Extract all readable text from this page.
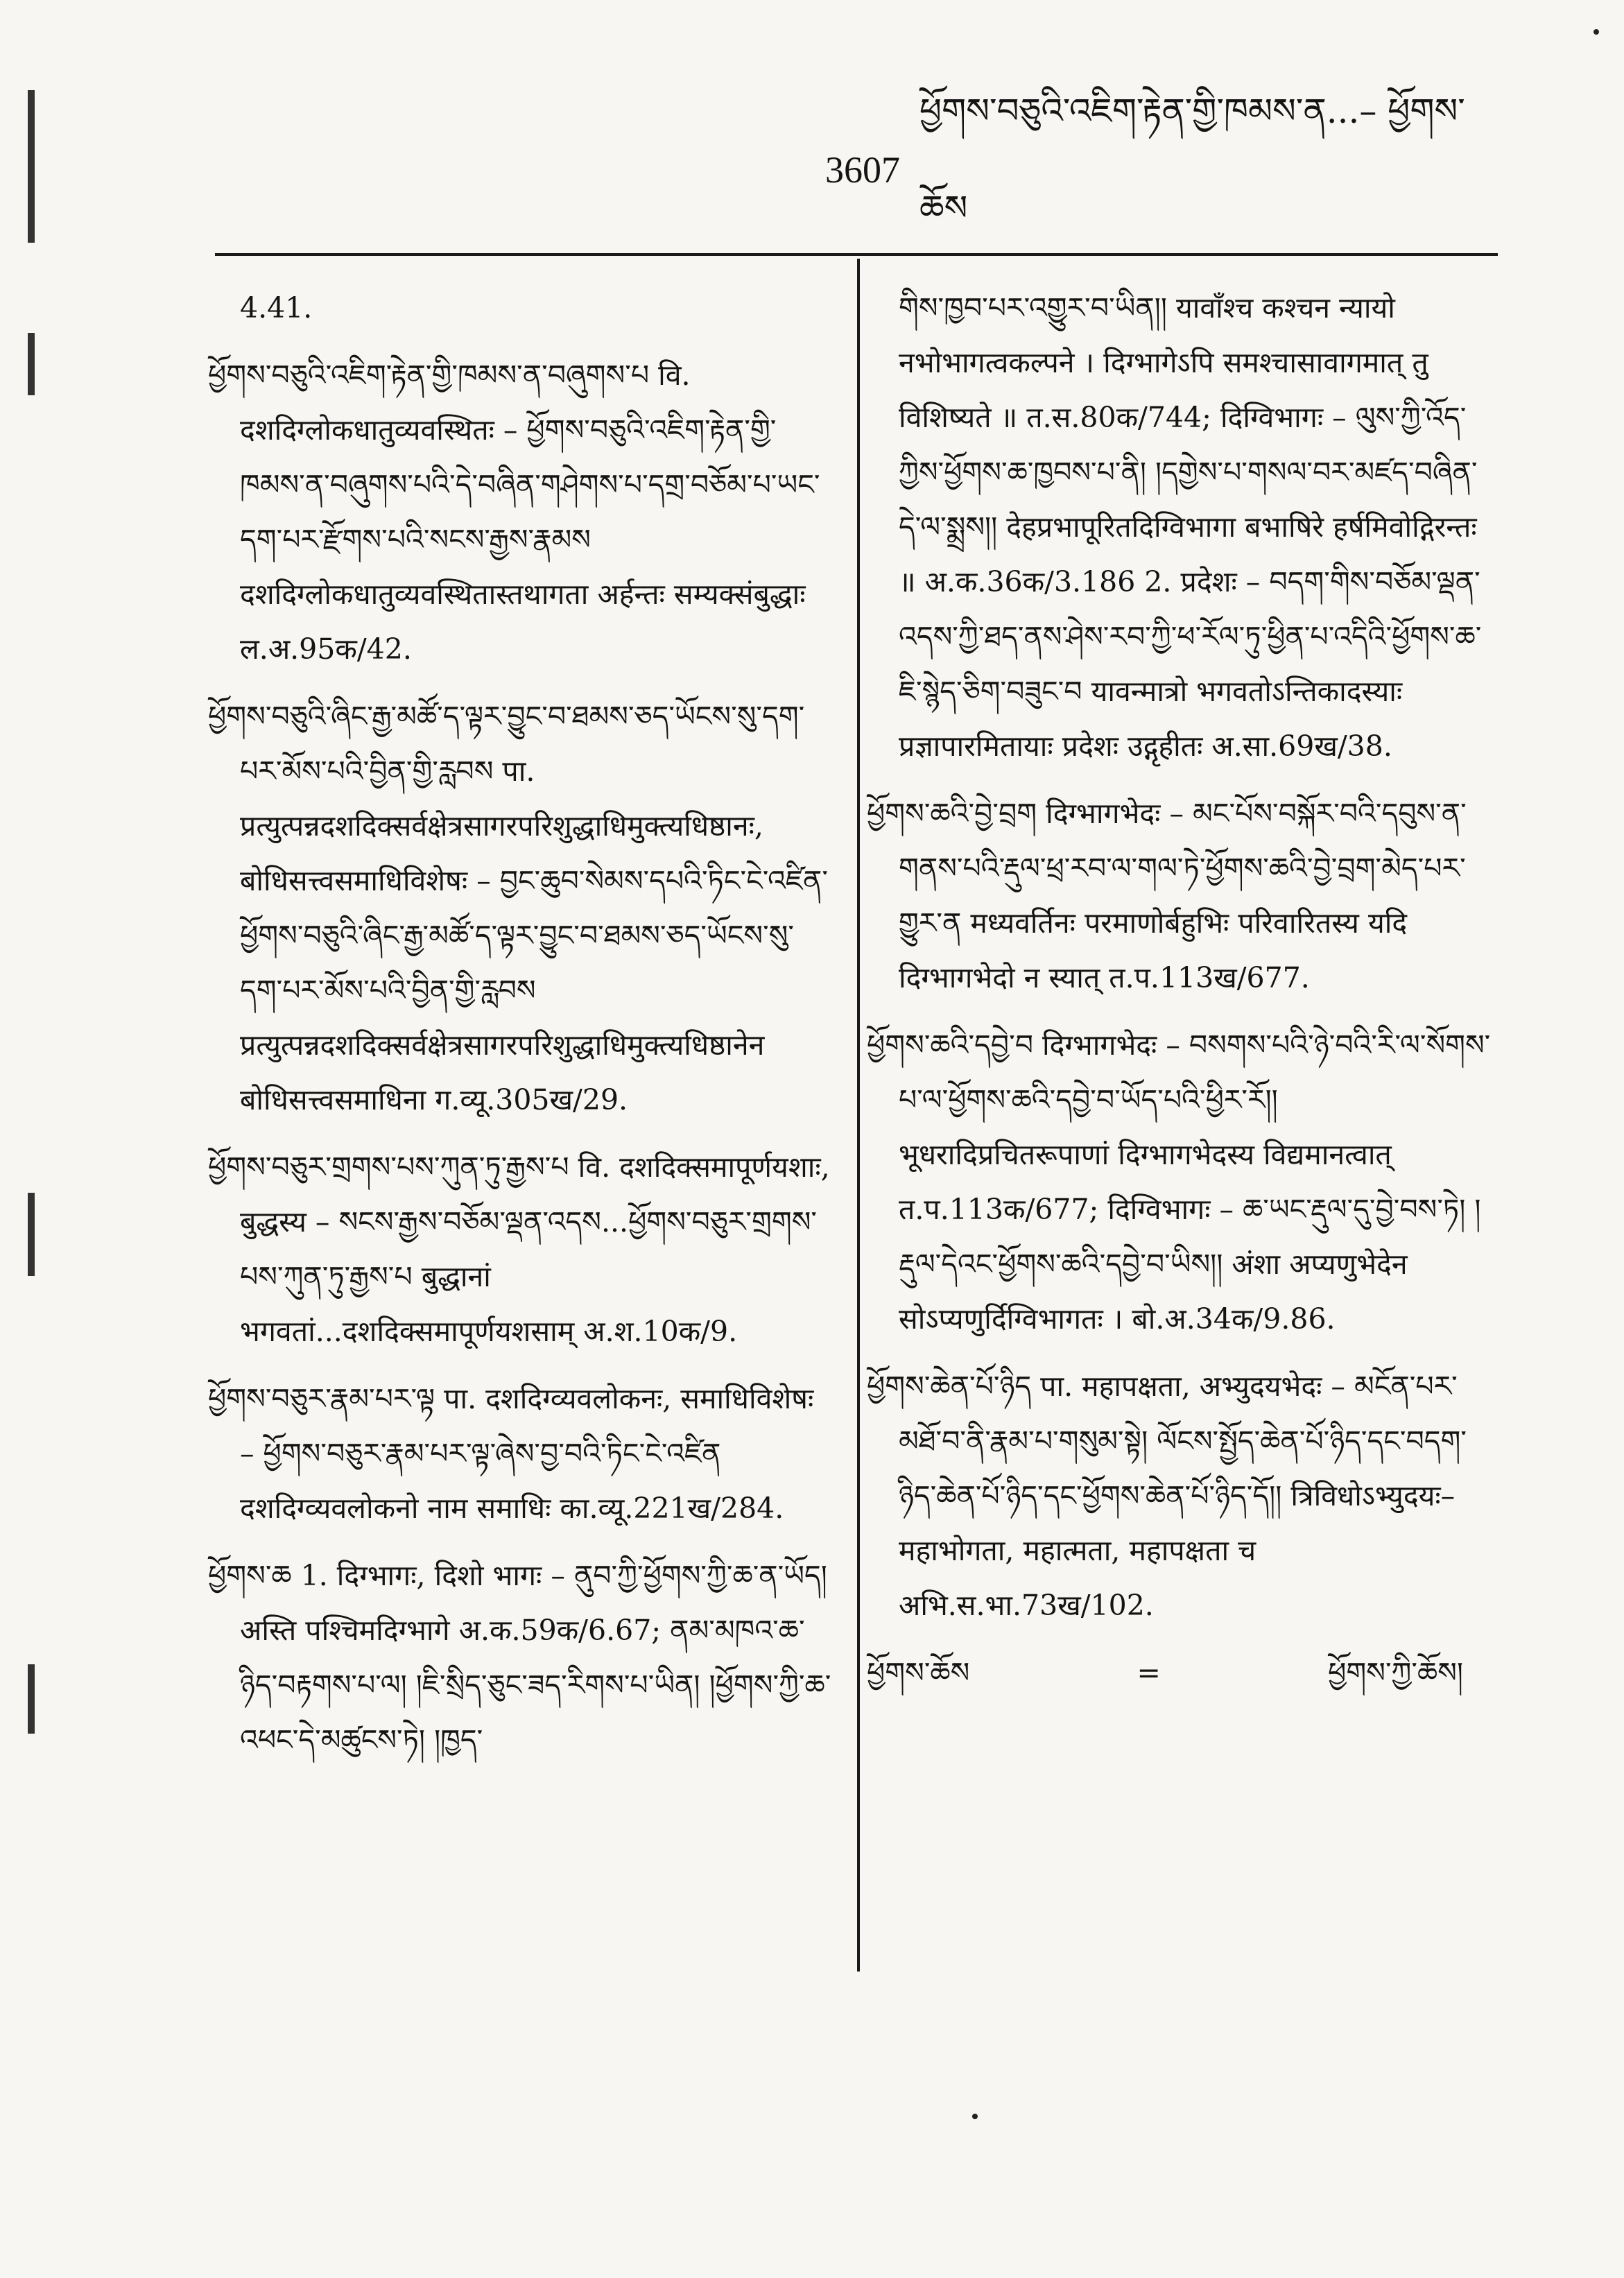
3607
ཕྱོགས་བཅུའི་འཇིག་རྟེན་གྱི་ཁམས་ན...– ཕྱོགས་ཆོས

4.41.

ཕྱོགས་བཅུའི་འཇིག་རྟེན་གྱི་ཁམས་ན་བཞུགས་པ वि. दशदिग्लोकधातुव्यवस्थितः – ཕྱོགས་བཅུའི་འཇིག་རྟེན་གྱི་ཁམས་ན་བཞུགས་པའི་དེ་བཞིན་གཤེགས་པ་དགྲ་བཅོམ་པ་ཡང་དག་པར་རྫོགས་པའི་སངས་རྒྱས་རྣམས दशदिग्लोकधातुव्यवस्थितास्तथागता अर्हन्तः सम्यक्संबुद्धाः ल.अ.95क/42.

ཕྱོགས་བཅུའི་ཞིང་རྒྱ་མཚོ་ད་ལྟར་བྱུང་བ་ཐམས་ཅད་ཡོངས་སུ་དག་པར་མོས་པའི་བྱིན་གྱི་རླབས पा. प्रत्युत्पन्नदशदिक्सर्वक्षेत्रसागरपरिशुद्धाधिमुक्त्यधिष्ठानः, बोधिसत्त्वसमाधिविशेषः – བྱང་ཆུབ་སེམས་དཔའི་ཏིང་ངེ་འཛིན་ཕྱོགས་བཅུའི་ཞིང་རྒྱ་མཚོ་ད་ལྟར་བྱུང་བ་ཐམས་ཅད་ཡོངས་སུ་དག་པར་མོས་པའི་བྱིན་གྱི་རླབས प्रत्युत्पन्नदशदिक्सर्वक्षेत्रसागरपरिशुद्धाधिमुक्त्यधिष्ठानेन बोधिसत्त्वसमाधिना ग.व्यू.305ख/29.

ཕྱོགས་བཅུར་གྲགས་པས་ཀུན་ཏུ་རྒྱས་པ वि. दशदिक्समापूर्णयशाः, बुद्धस्य – སངས་རྒྱས་བཅོམ་ལྡན་འདས...ཕྱོགས་བཅུར་གྲགས་པས་ཀུན་ཏུ་རྒྱས་པ बुद्धानां भगवतां...दशदिक्समापूर्णयशसाम् अ.श.10क/9.

ཕྱོགས་བཅུར་རྣམ་པར་ལྟ पा. दशदिग्व्यवलोकनः, समाधिविशेषः – ཕྱོགས་བཅུར་རྣམ་པར་ལྟ་ཞེས་བྱ་བའི་ཏིང་ངེ་འཛིན दशदिग्व्यवलोकनो नाम समाधिः का.व्यू.221ख/284.

ཕྱོགས་ཆ 1. दिग्भागः, दिशो भागः – ནུབ་ཀྱི་ཕྱོགས་ཀྱི་ཆ་ན་ཡོད། अस्ति पश्चिमदिग्भागे अ.क.59क/6.67; ནམ་མཁའ་ཆ་ཉིད་བརྟགས་པ་ལ། །ཇི་སྲིད་ཅུང་ཟད་རིགས་པ་ཡིན། །ཕྱོགས་ཀྱི་ཆ་འཕང་དེ་མཚུངས་ཏེ། །ཁྱད་

གིས་ཁྱབ་པར་འགྱུར་བ་ཡིན།། यावाँश्च कश्चन न्यायो नभोभागत्वकल्पने । दिग्भागेऽपि समश्चासावागमात् तु विशिष्यते ॥ त.स.80क/744; दिग्विभागः – ལུས་ཀྱི་འོད་ཀྱིས་ཕྱོགས་ཆ་ཁྱབས་པ་ནི། །དགྱེས་པ་གསལ་བར་མཛད་བཞིན་དེ་ལ་སྨྲས།། देहप्रभापूरितदिग्विभागा बभाषिरे हर्षमिवोद्गिरन्तः ॥ अ.क.36क/3.186 2. प्रदेशः – བདག་གིས་བཅོམ་ལྡན་འདས་ཀྱི་ཐད་ནས་ཤེས་རབ་ཀྱི་ཕ་རོལ་ཏུ་ཕྱིན་པ་འདིའི་ཕྱོགས་ཆ་ཇི་སྙེད་ཅིག་བཟུང་བ यावन्मात्रो भगवतोऽन्तिकादस्याः प्रज्ञापारमितायाः प्रदेशः उद्गृहीतः अ.सा.69ख/38.

ཕྱོགས་ཆའི་བྱེ་བྲག दिग्भागभेदः – མང་པོས་བསྐོར་བའི་དབུས་ན་གནས་པའི་རྡུལ་ཕྲ་རབ་ལ་གལ་ཏེ་ཕྱོགས་ཆའི་བྱེ་བྲག་མེད་པར་གྱུར་ན मध्यवर्तिनः परमाणोर्बहुभिः परिवारितस्य यदि दिग्भागभेदो न स्यात् त.प.113ख/677.

ཕྱོགས་ཆའི་དབྱེ་བ दिग्भागभेदः – བསགས་པའི་ཉེ་བའི་རི་ལ་སོགས་པ་ལ་ཕྱོགས་ཆའི་དབྱེ་བ་ཡོད་པའི་ཕྱིར་རོ།། भूधरादिप्रचितरूपाणां दिग्भागभेदस्य विद्यमानत्वात् त.प.113क/677; दिग्विभागः – ཆ་ཡང་རྡུལ་དུ་བྱེ་བས་ཏེ། །རྡུལ་དེའང་ཕྱོགས་ཆའི་དབྱེ་བ་ཡིས།། अंशा अप्यणुभेदेन सोऽप्यणुर्दिग्विभागतः । बो.अ.34क/9.86.

ཕྱོགས་ཆེན་པོ་ཉིད पा. महापक्षता, अभ्युदयभेदः – མངོན་པར་མཐོ་བ་ནི་རྣམ་པ་གསུམ་སྟེ། ལོངས་སྤྱོད་ཆེན་པོ་ཉིད་དང་བདག་ཉིད་ཆེན་པོ་ཉིད་དང་ཕྱོགས་ཆེན་པོ་ཉིད་དོ།། त्रिविधोऽभ्युदयः–महाभोगता, महात्मता, महापक्षता च अभि.स.भा.73ख/102.

ཕྱོགས་ཆོས	=	ཕྱོགས་ཀྱི་ཆོས།
